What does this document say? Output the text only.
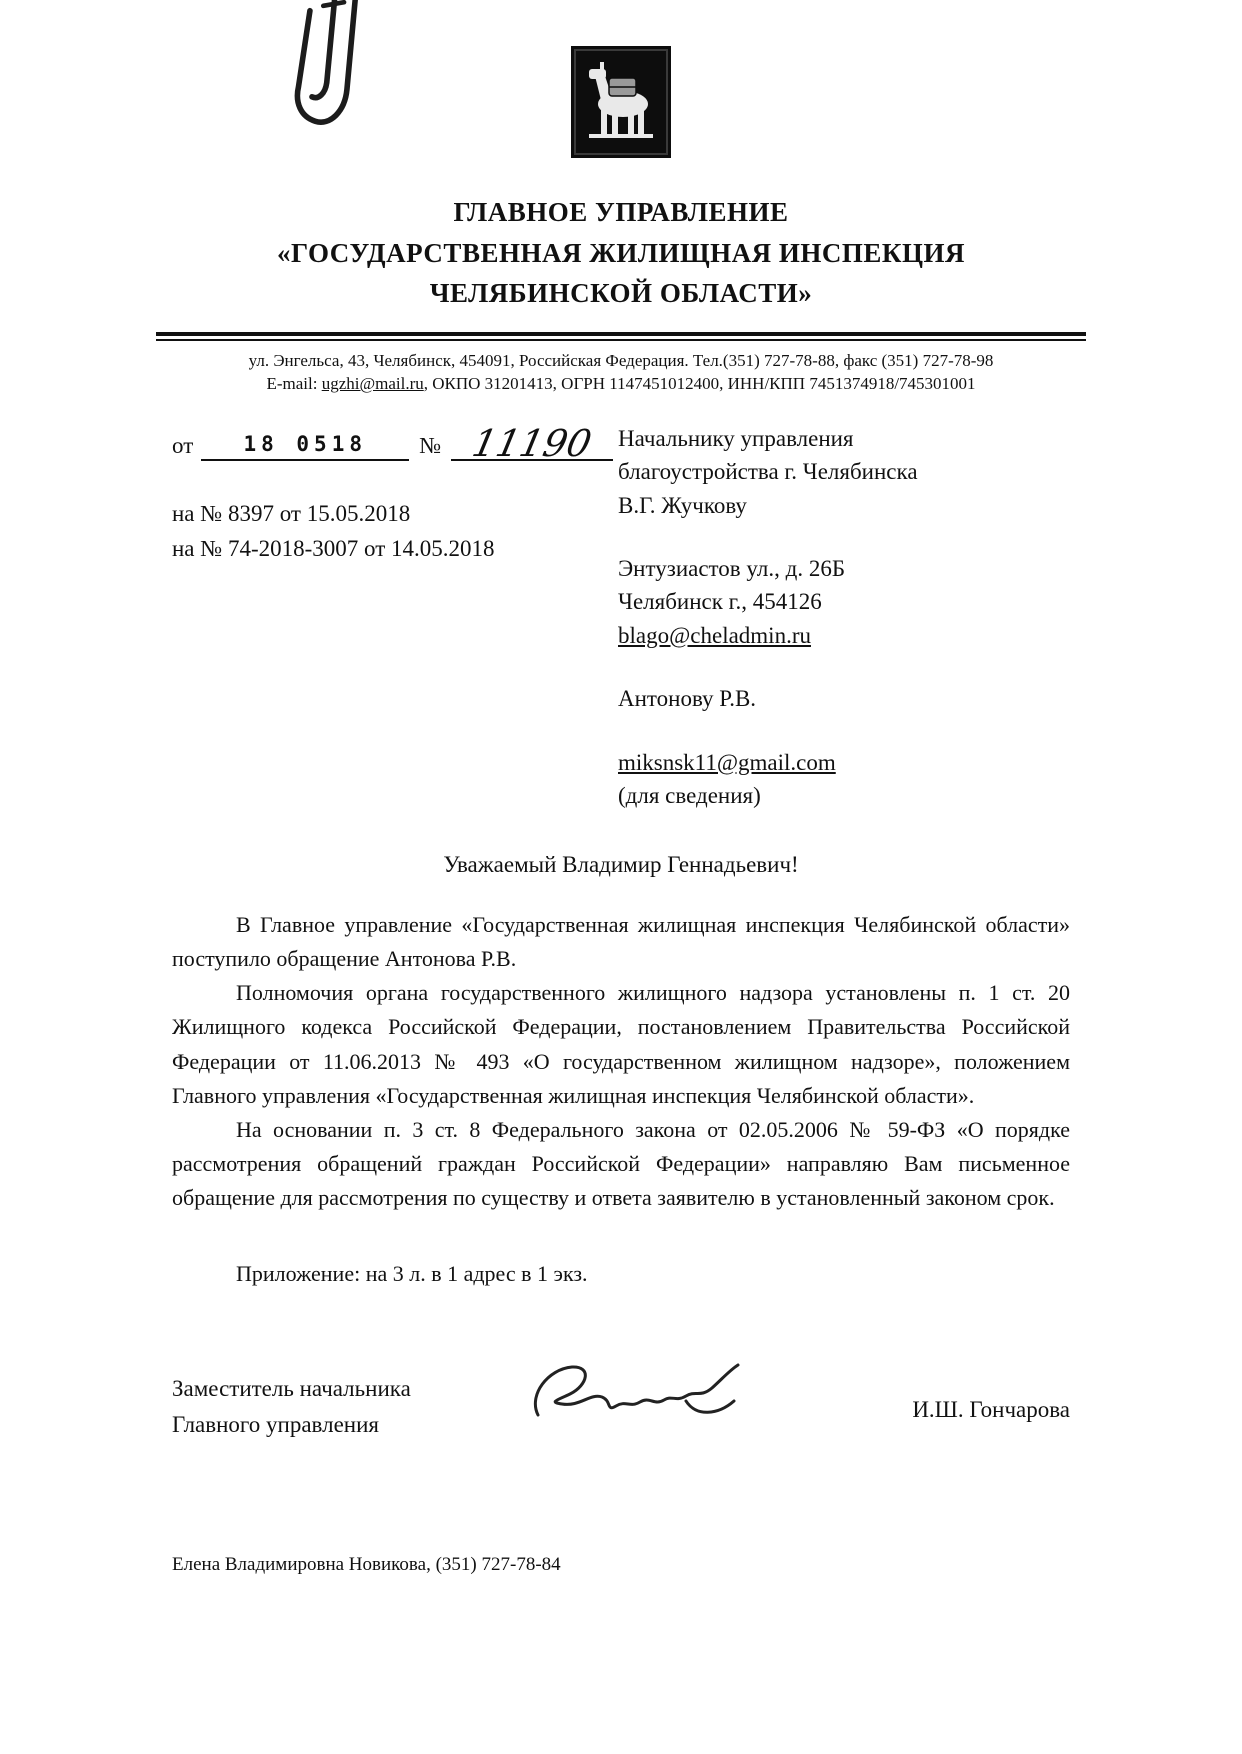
ГЛАВНОЕ УПРАВЛЕНИЕ
«ГОСУДАРСТВЕННАЯ ЖИЛИЩНАЯ ИНСПЕКЦИЯ
ЧЕЛЯБИНСКОЙ ОБЛАСТИ»
ул. Энгельса, 43, Челябинск, 454091, Российская Федерация. Тел.(351) 727-78-88, факс (351) 727-78-98
E-mail: ugzhi@mail.ru, ОКПО 31201413, ОГРН 1147451012400, ИНН/КПП 7451374918/745301001
от	18 0518	№ 11190
на № 8397 от 15.05.2018
на № 74-2018-3007 от 14.05.2018
Начальнику управления
благоустройства г. Челябинска
В.Г. Жучкову
Энтузиастов ул., д. 26Б
Челябинск г., 454126
blago@cheladmin.ru
Антонову Р.В.
miksnsk11@gmail.com
(для сведения)
Уважаемый Владимир Геннадьевич!

В Главное управление «Государственная жилищная инспекция Челябинской области» поступило обращение Антонова Р.В.

Полномочия органа государственного жилищного надзора установлены п. 1 ст. 20 Жилищного кодекса Российской Федерации, постановлением Правительства Российской Федерации от 11.06.2013 № 493 «О государственном жилищном надзоре», положением Главного управления «Государственная жилищная инспекция Челябинской области».

На основании п. 3 ст. 8 Федерального закона от 02.05.2006 № 59-ФЗ «О порядке рассмотрения обращений граждан Российской Федерации» направляю Вам письменное обращение для рассмотрения по существу и ответа заявителю в установленный законом срок.

Приложение: на 3 л. в 1 адрес в 1 экз.

Заместитель начальника
Главного управления
И.Ш. Гончарова
Елена Владимировна Новикова, (351) 727-78-84
